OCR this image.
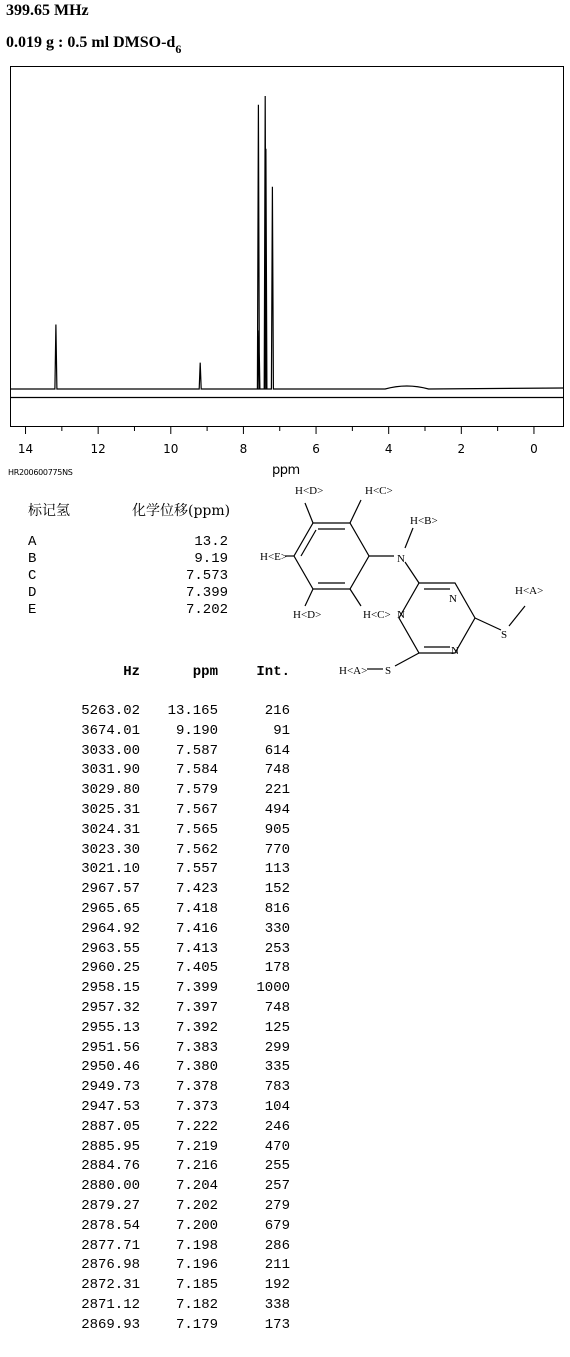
399.65 MHz
0.019 g : 0.5 ml DMSO-$d_6$
14	12	10	8	6	4	2	0
HR200600775NS	ppm
标记氢	化学位移(ppm)
A	13.2
B	9.19
C	7.573
D	7.399
E	7.202
H<D>	H<C>
H<B>
N
H<E>
N
H<A>
S
H<D>	H<C> N
N
H<A> S
Hz	ppm	Int.
5263.02 13.165	216
3674.01	9.190	91
3033.00	7.587	614
3031.90	7.584	748
3029.80	7.579	221
3025.31	7.567	494
3024.31	7.565	905
3023.30	7.562	770
3021.10	7.557	113
2967.57	7.423	152
2965.65	7.418	816
2964.92	7.416	330
2963.55	7.413	253
2960.25	7.405	178
2958.15	7.399	1000
2957.32	7.397	748
2955.13	7.392	125
2951.56	7.383	299
2950.46	7.380	335
2949.73	7.378	783
2947.53	7.373	104
2887.05	7.222	246
2885.95	7.219	470
2884.76	7.216	255
2880.00	7.204	257
2879.27	7.202	279
2878.54	7.200	679
2877.71	7.198	286
2876.98	7.196	211
2872.31	7.185	192
2871.12	7.182	338
2869.93	7.179	173
